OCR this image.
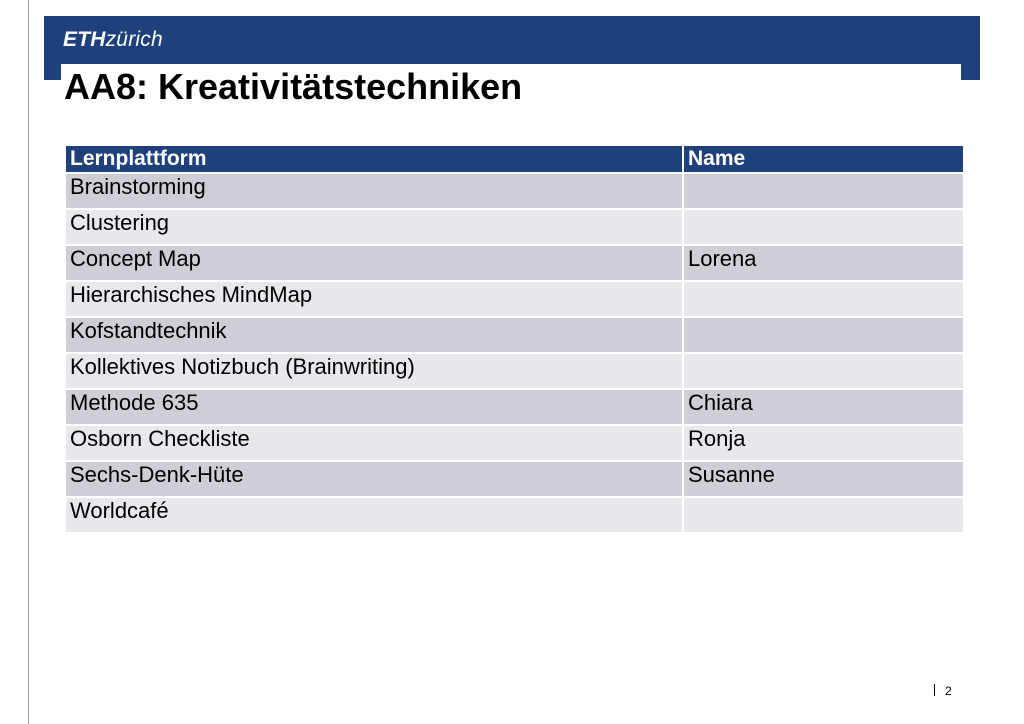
ETHzürich
AA8: Kreativitätstechniken
Lernplattform	Name
Brainstorming	
Clustering	
Concept Map	Lorena
Hierarchisches MindMap	
Kofstandtechnik	
Kollektives Notizbuch (Brainwriting)	
Methode 635	Chiara
Osborn Checkliste	Ronja
Sechs-Denk-Hüte	Susanne
Worldcafé	
2
